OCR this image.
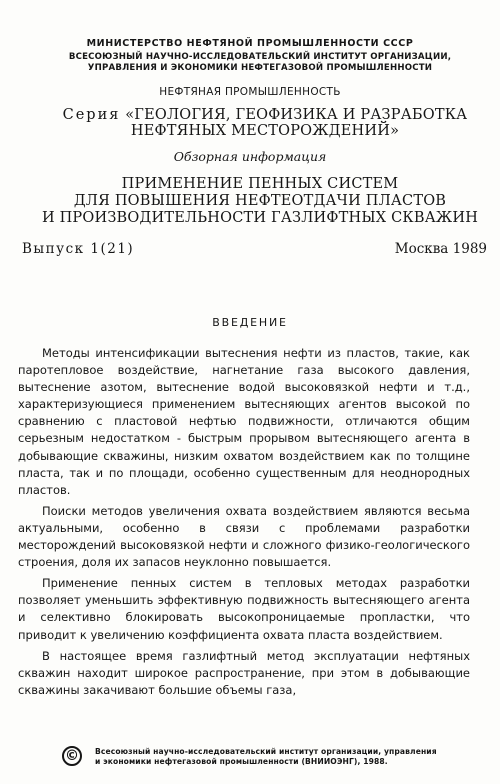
МИНИСТЕРСТВО НЕФТЯНОЙ ПРОМЫШЛЕННОСТИ СССР
ВСЕСОЮЗНЫЙ НАУЧНО-ИССЛЕДОВАТЕЛЬСКИЙ ИНСТИТУТ ОРГАНИЗАЦИИ,
УПРАВЛЕНИЯ И ЭКОНОМИКИ НЕФТЕГАЗОВОЙ ПРОМЫШЛЕННОСТИ
НЕФТЯНАЯ ПРОМЫШЛЕННОСТЬ
Серия «ГЕОЛОГИЯ, ГЕОФИЗИКА И РАЗРАБОТКА
НЕФТЯНЫХ МЕСТОРОЖДЕНИЙ»
Обзорная информация
ПРИМЕНЕНИЕ ПЕННЫХ СИСТЕМ
ДЛЯ ПОВЫШЕНИЯ НЕФТЕОТДАЧИ ПЛАСТОВ
И ПРОИЗВОДИТЕЛЬНОСТИ ГАЗЛИФТНЫХ СКВАЖИН
Выпуск 1(21)	Москва 1989
ВВЕДЕНИЕ

Методы интенсификации вытеснения нефти из пластов, такие, как паротепловое воздействие, нагнетание газа высокого давления, вытеснение азотом, вытеснение водой высоковязкой нефти и т.д., характеризующиеся применением вытесняющих агентов высокой по сравнению с пластовой нефтью подвижности, отличаются общим серьезным недостатком - быстрым прорывом вытесняющего агента в добывающие скважины, низким охватом воздействием как по толщине пласта, так и по площади, особенно существенным для неоднородных пластов.

Поиски методов увеличения охвата воздействием являются весьма актуальными, особенно в связи с проблемами разработки месторождений высоковязкой нефти и сложного физико-геологического строения, доля их запасов неуклонно повышается.

Применение пенных систем в тепловых методах разработки позволяет уменьшить эффективную подвижность вытесняющего агента и селективно блокировать высокопроницаемые пропластки, что приводит к увеличению коэффициента охвата пласта воздействием.

В настоящее время газлифтный метод эксплуатации нефтяных скважин находит широкое распространение, при этом в добывающие скважины закачивают большие объемы газа,

©	Всесоюзный научно-исследовательский институт организации, управления
и экономики нефтегазовой промышленности (ВНИИОЭНГ), 1988.
